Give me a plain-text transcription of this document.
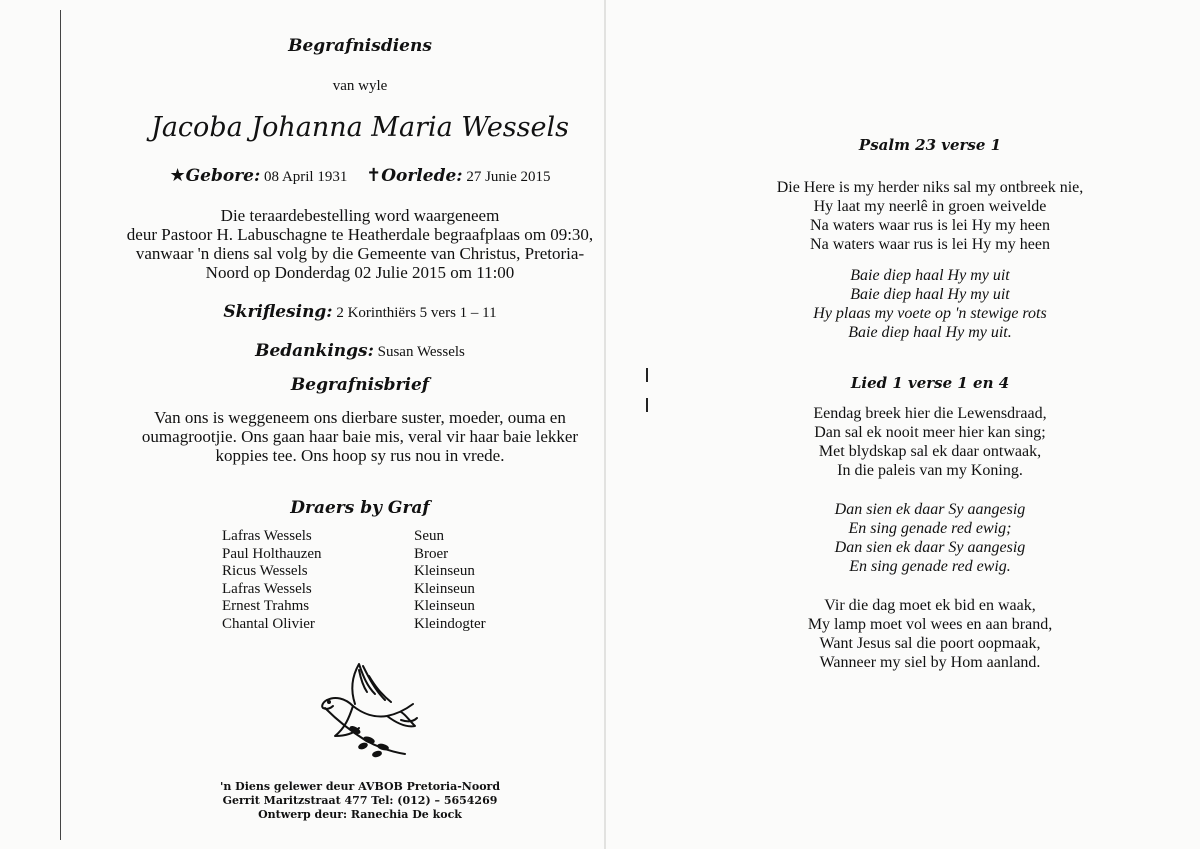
Begrafnisdiens
van wyle
Jacoba Johanna Maria Wessels
★Gebore: 08 April 1931 ✝Oorlede: 27 Junie 2015
Die teraardebestelling word waargeneem
deur Pastoor H. Labuschagne te Heatherdale begraafplaas om 09:30,
vanwaar 'n diens sal volg by die Gemeente van Christus, Pretoria-
Noord op Donderdag 02 Julie 2015 om 11:00
Skriflesing: 2 Korinthiërs 5 vers 1 – 11
Bedankings: Susan Wessels
Begrafnisbrief
Van ons is weggeneem ons dierbare suster, moeder, ouma en
oumagrootjie. Ons gaan haar baie mis, veral vir haar baie lekker
koppies tee. Ons hoop sy rus nou in vrede.
Draers by Graf
Lafras Wessels	Seun
Paul Holthauzen	Broer
Ricus Wessels	Kleinseun
Lafras Wessels	Kleinseun
Ernest Trahms	Kleinseun
Chantal Olivier	Kleindogter
'n Diens gelewer deur AVBOB Pretoria-Noord
Gerrit Maritzstraat 477 Tel: (012) – 5654269
Ontwerp deur: Ranechia De kock
Psalm 23 verse 1
Die Here is my herder niks sal my ontbreek nie,
Hy laat my neerlê in groen weivelde
Na waters waar rus is lei Hy my heen
Na waters waar rus is lei Hy my heen
Baie diep haal Hy my uit
Baie diep haal Hy my uit
Hy plaas my voete op 'n stewige rots
Baie diep haal Hy my uit.
Lied 1 verse 1 en 4
Eendag breek hier die Lewensdraad,
Dan sal ek nooit meer hier kan sing;
Met blydskap sal ek daar ontwaak,
In die paleis van my Koning.
Dan sien ek daar Sy aangesig
En sing genade red ewig;
Dan sien ek daar Sy aangesig
En sing genade red ewig.
Vir die dag moet ek bid en waak,
My lamp moet vol wees en aan brand,
Want Jesus sal die poort oopmaak,
Wanneer my siel by Hom aanland.
